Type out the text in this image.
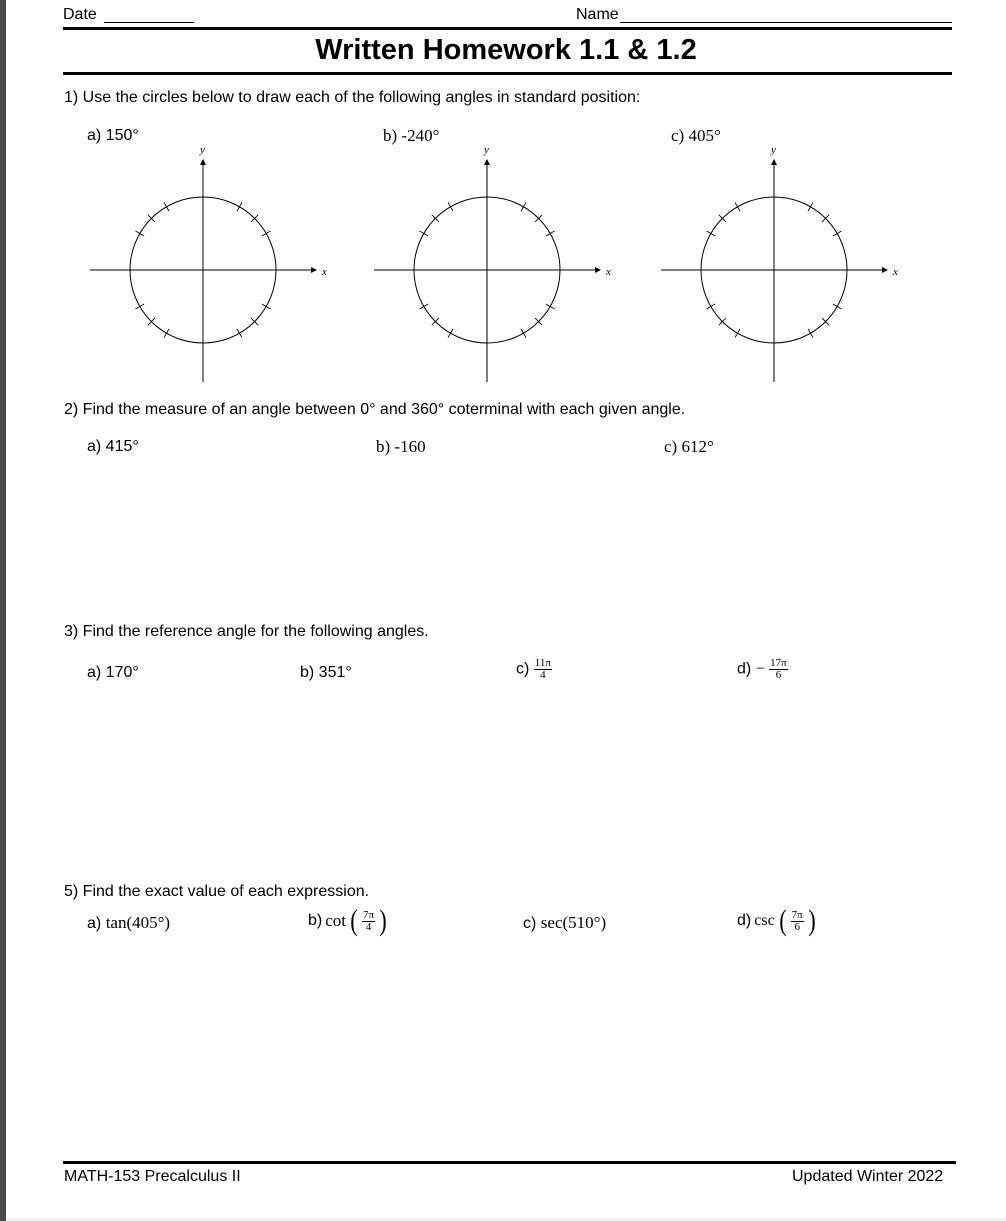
Date	Name
Written Homework 1.1 & 1.2
1) Use the circles below to draw each of the following angles in standard position:
a) 150°	b) -240°	c) 405°
x
y
x
y
x
y
2) Find the measure of an angle between 0° and 360° coterminal with each given angle.
a) 415°	b) -160	c) 612°
3) Find the reference angle for the following angles.
a) 170°	b) 351°	$c) \frac{11\pi}{4}$	$d) - \frac{17\pi}{6}$
5) Find the exact value of each expression.
a) tan(405°)	b) cot ( $\frac{7\pi}{4}$ )	c) sec(510°)	d) csc ( $\frac{7\pi}{6}$ )
MATH-153 Precalculus II	Updated Winter 2022
